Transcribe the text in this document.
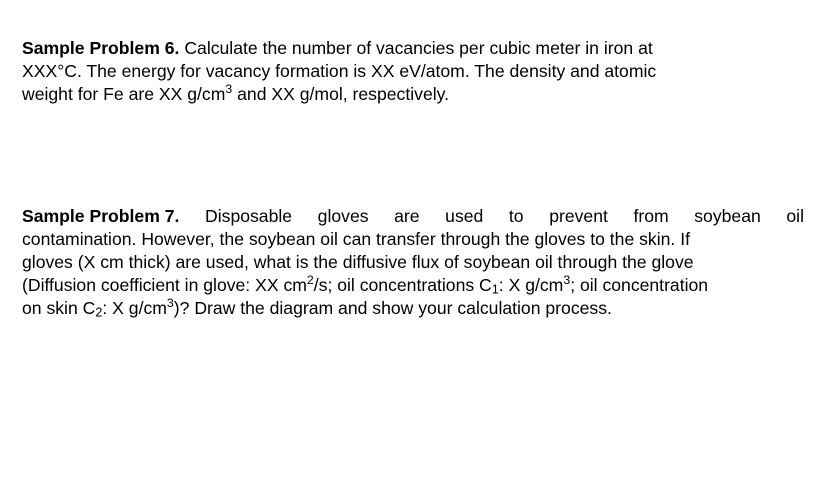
Sample Problem 6. Calculate the number of vacancies per cubic meter in iron at
XXX°C. The energy for vacancy formation is XX eV/atom. The density and atomic
weight for Fe are XX $g/cm^3$ and XX g/mol, respectively.
Sample Problem 7. Disposable gloves are used to prevent from soybean oil
contamination. However, the soybean oil can transfer through the gloves to the skin. If
gloves (X cm thick) are used, what is the diffusive flux of soybean oil through the glove
(Diffusion coefficient in glove: XX $cm^2/s$; oil concentrations $C_1$: X $g/cm^3$; oil concentration
on skin $C_2$: X $g/cm^3$)? Draw the diagram and show your calculation process.
